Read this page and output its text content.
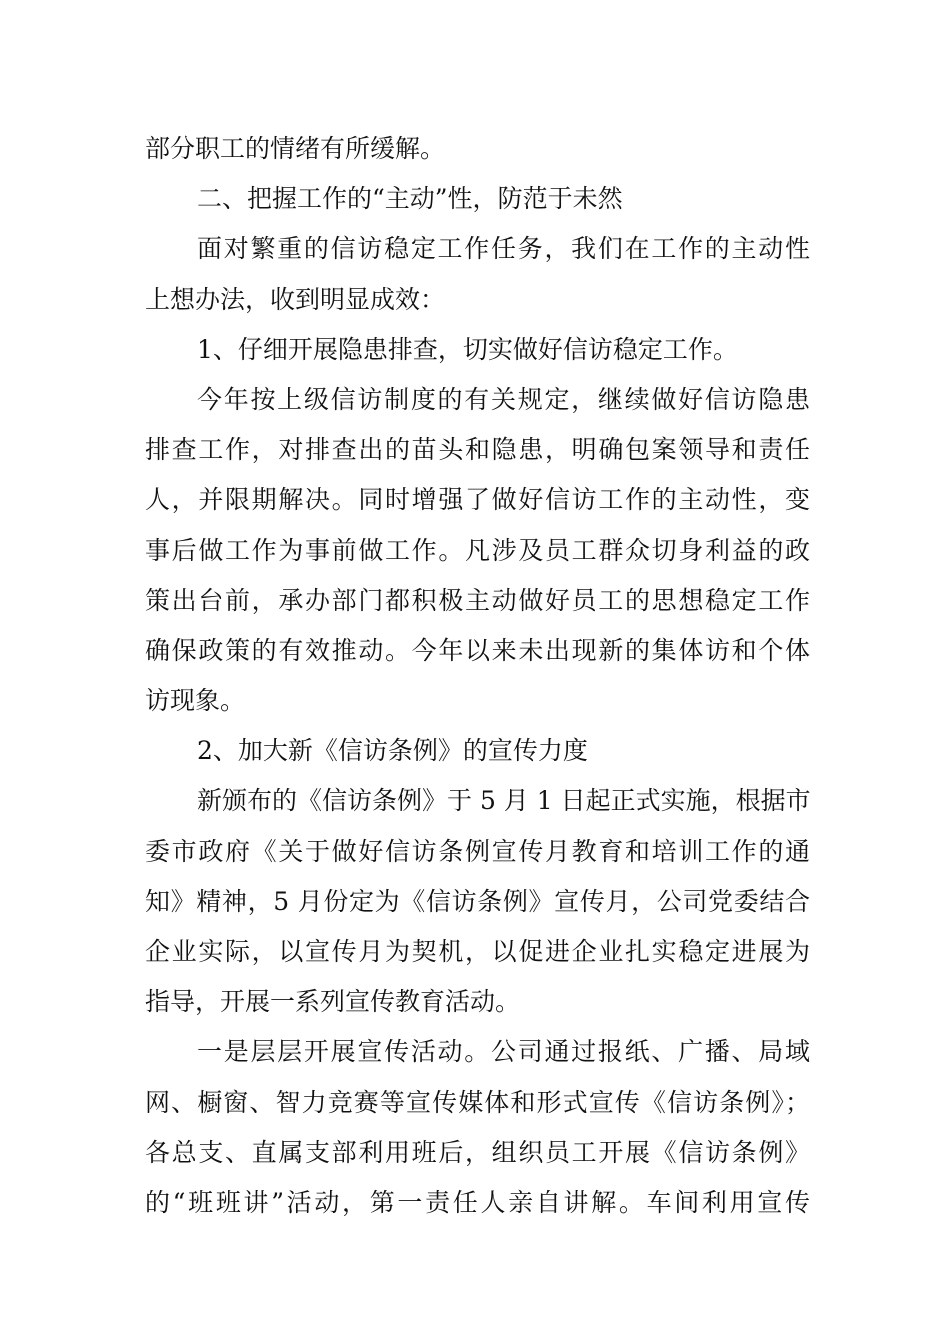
部分职工的情绪有所缓解。
二、把握工作的“主动”性，防范于未然
面对繁重的信访稳定工作任务，我们在工作的主动性
上想办法，收到明显成效：
1、仔细开展隐患排查，切实做好信访稳定工作。
今年按上级信访制度的有关规定，继续做好信访隐患
排查工作，对排查出的苗头和隐患，明确包案领导和责任
人，并限期解决。同时增强了做好信访工作的主动性，变
事后做工作为事前做工作。凡涉及员工群众切身利益的政
策出台前，承办部门都积极主动做好员工的思想稳定工作
确保政策的有效推动。今年以来未出现新的集体访和个体
访现象。
2、加大新《信访条例》的宣传力度
新颁布的《信访条例》于 5 月 1 日起正式实施，根据市
委市政府《关于做好信访条例宣传月教育和培训工作的通
知》精神，5 月份定为《信访条例》宣传月，公司党委结合
企业实际，以宣传月为契机，以促进企业扎实稳定进展为
指导，开展一系列宣传教育活动。
一是层层开展宣传活动。公司通过报纸、广播、局域
网、橱窗、智力竞赛等宣传媒体和形式宣传《信访条例》；
各总支、直属支部利用班后，组织员工开展《信访条例》
的“班班讲”活动，第一责任人亲自讲解。车间利用宣传
